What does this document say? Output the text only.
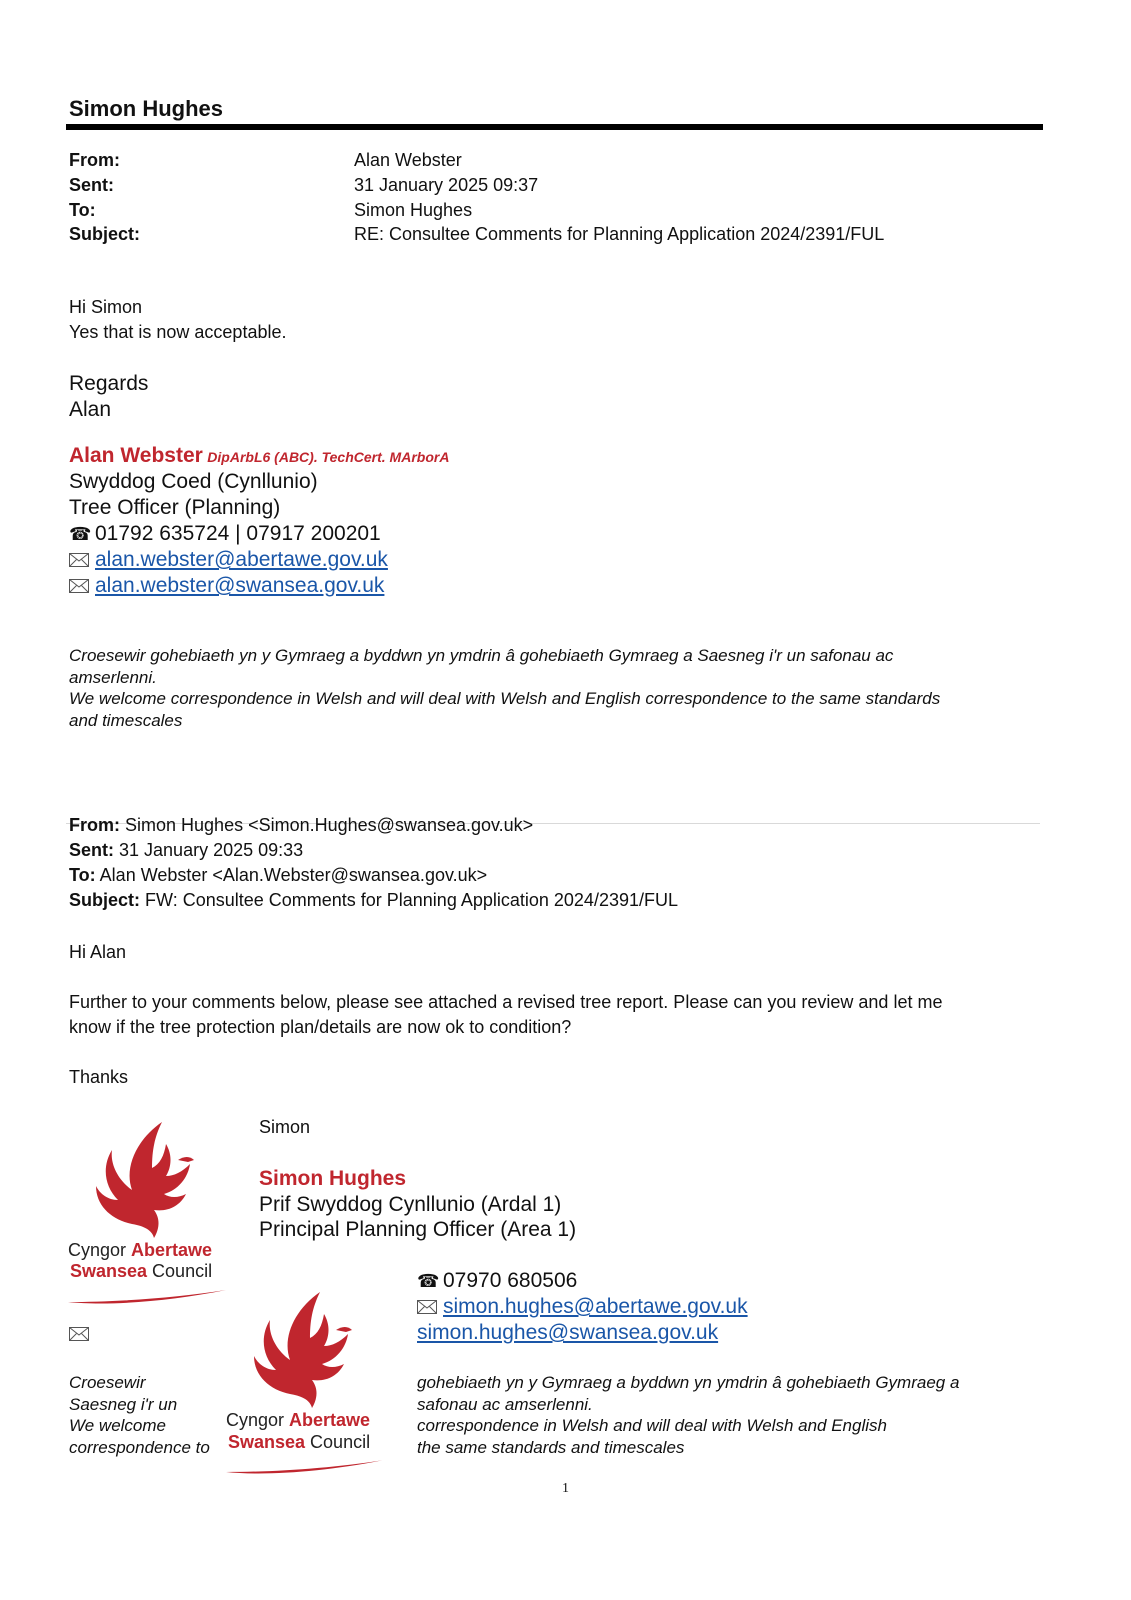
Simon Hughes
From:	Alan Webster
Sent:	31 January 2025 09:37
To:	Simon Hughes
Subject:	RE: Consultee Comments for Planning Application 2024/2391/FUL
Hi Simon
Yes that is now acceptable.
Regards
Alan
Alan Webster DipArbL6 (ABC). TechCert. MArborA
Swyddog Coed (Cynllunio)
Tree Officer (Planning)
☎ 01792 635724 | 07917 200201
alan.webster@abertawe.gov.uk
alan.webster@swansea.gov.uk
Croesewir gohebiaeth yn y Gymraeg a byddwn yn ymdrin â gohebiaeth Gymraeg a Saesneg i'r un safonau ac
amserlenni.
We welcome correspondence in Welsh and will deal with Welsh and English correspondence to the same standards
and timescales
From: Simon Hughes <Simon.Hughes@swansea.gov.uk>
Sent: 31 January 2025 09:33
To: Alan Webster <Alan.Webster@swansea.gov.uk>
Subject: FW: Consultee Comments for Planning Application 2024/2391/FUL
Hi Alan
Further to your comments below, please see attached a revised tree report. Please can you review and let me
know if the tree protection plan/details are now ok to condition?
Thanks
Simon
Cyngor Abertawe
Swansea Council
Simon Hughes
Prif Swyddog Cynllunio (Ardal 1)
Principal Planning Officer (Area 1)
☎ 07970 680506
simon.hughes@abertawe.gov.uk
simon.hughes@swansea.gov.uk
Cyngor Abertawe
Swansea Council
Croesewir
Saesneg i'r un
We welcome
correspondence to
gohebiaeth yn y Gymraeg a byddwn yn ymdrin â gohebiaeth Gymraeg a
safonau ac amserlenni.
correspondence in Welsh and will deal with Welsh and English
the same standards and timescales
1
